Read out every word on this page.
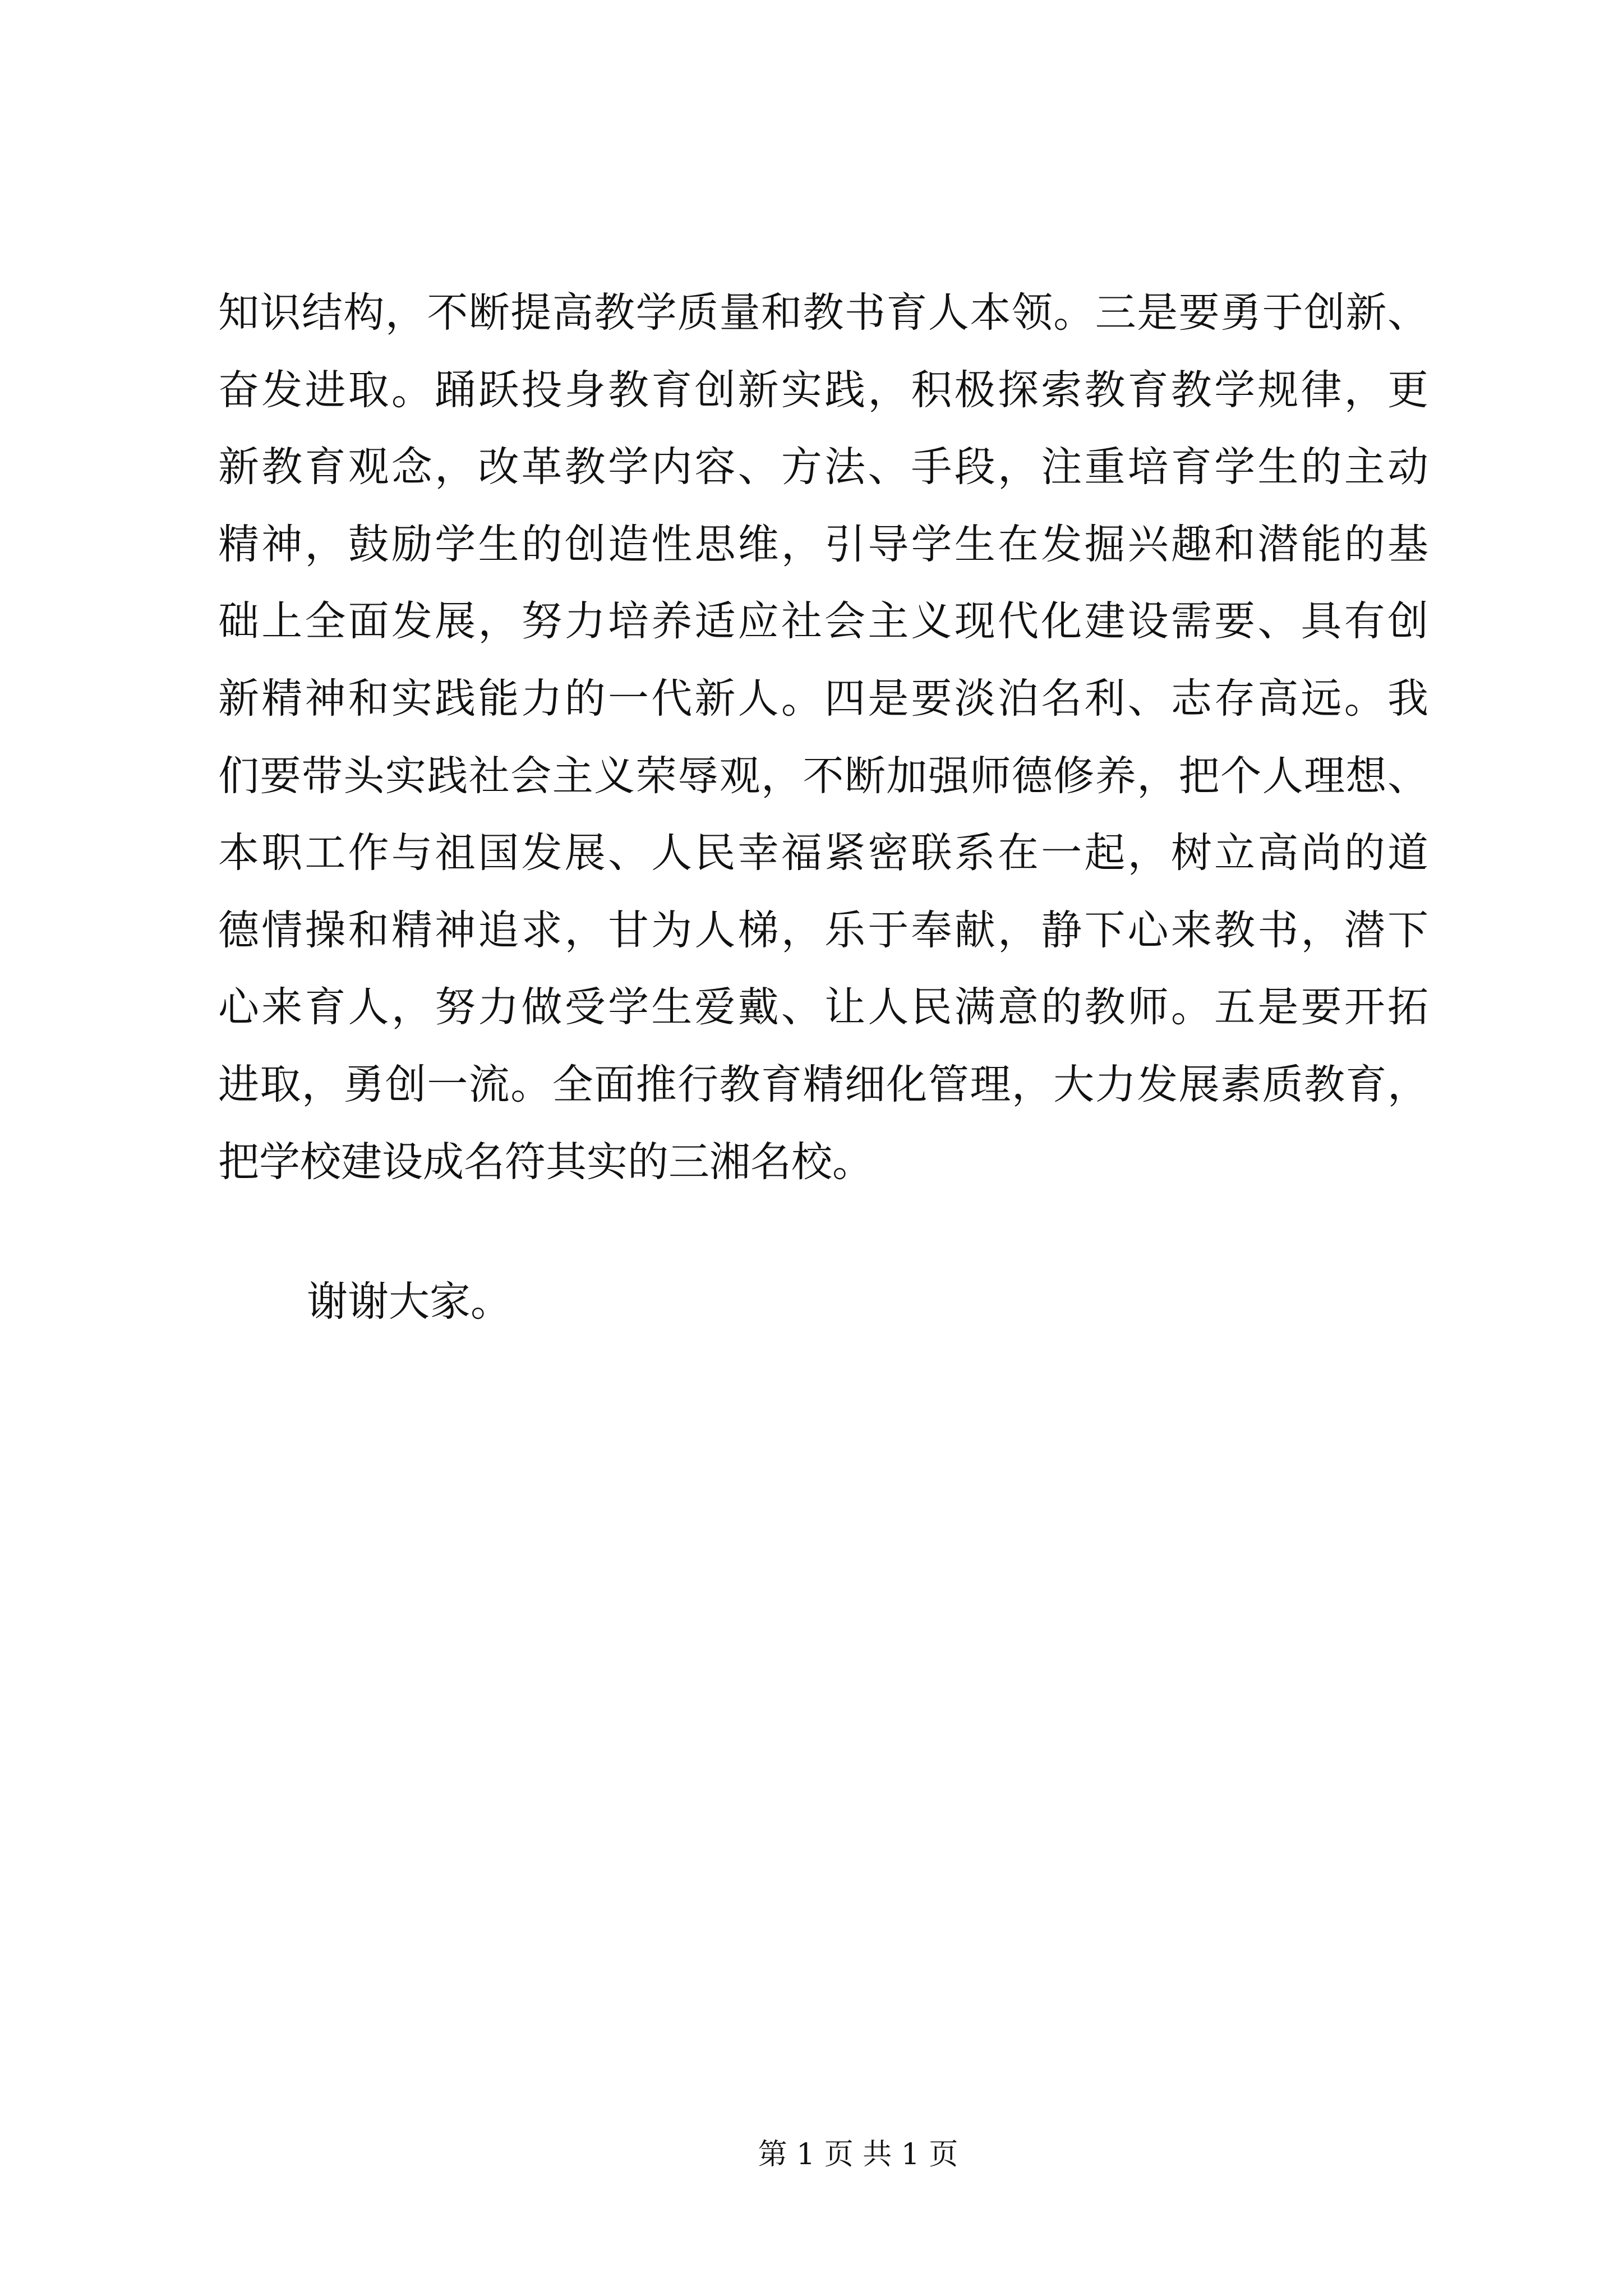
知识结构，不断提高教学质量和教书育人本领。三是要勇于创新、
奋发进取。踊跃投身教育创新实践，积极探索教育教学规律，更
新教育观念，改革教学内容、方法、手段，注重培育学生的主动
精神，鼓励学生的创造性思维，引导学生在发掘兴趣和潜能的基
础上全面发展，努力培养适应社会主义现代化建设需要、具有创
新精神和实践能力的一代新人。四是要淡泊名利、志存高远。我
们要带头实践社会主义荣辱观，不断加强师德修养，把个人理想、
本职工作与祖国发展、人民幸福紧密联系在一起，树立高尚的道
德情操和精神追求，甘为人梯，乐于奉献，静下心来教书，潜下
心来育人，努力做受学生爱戴、让人民满意的教师。五是要开拓
进取，勇创一流。全面推行教育精细化管理，大力发展素质教育，
把学校建设成名符其实的三湘名校。
谢谢大家。
第 1 页 共 1 页
